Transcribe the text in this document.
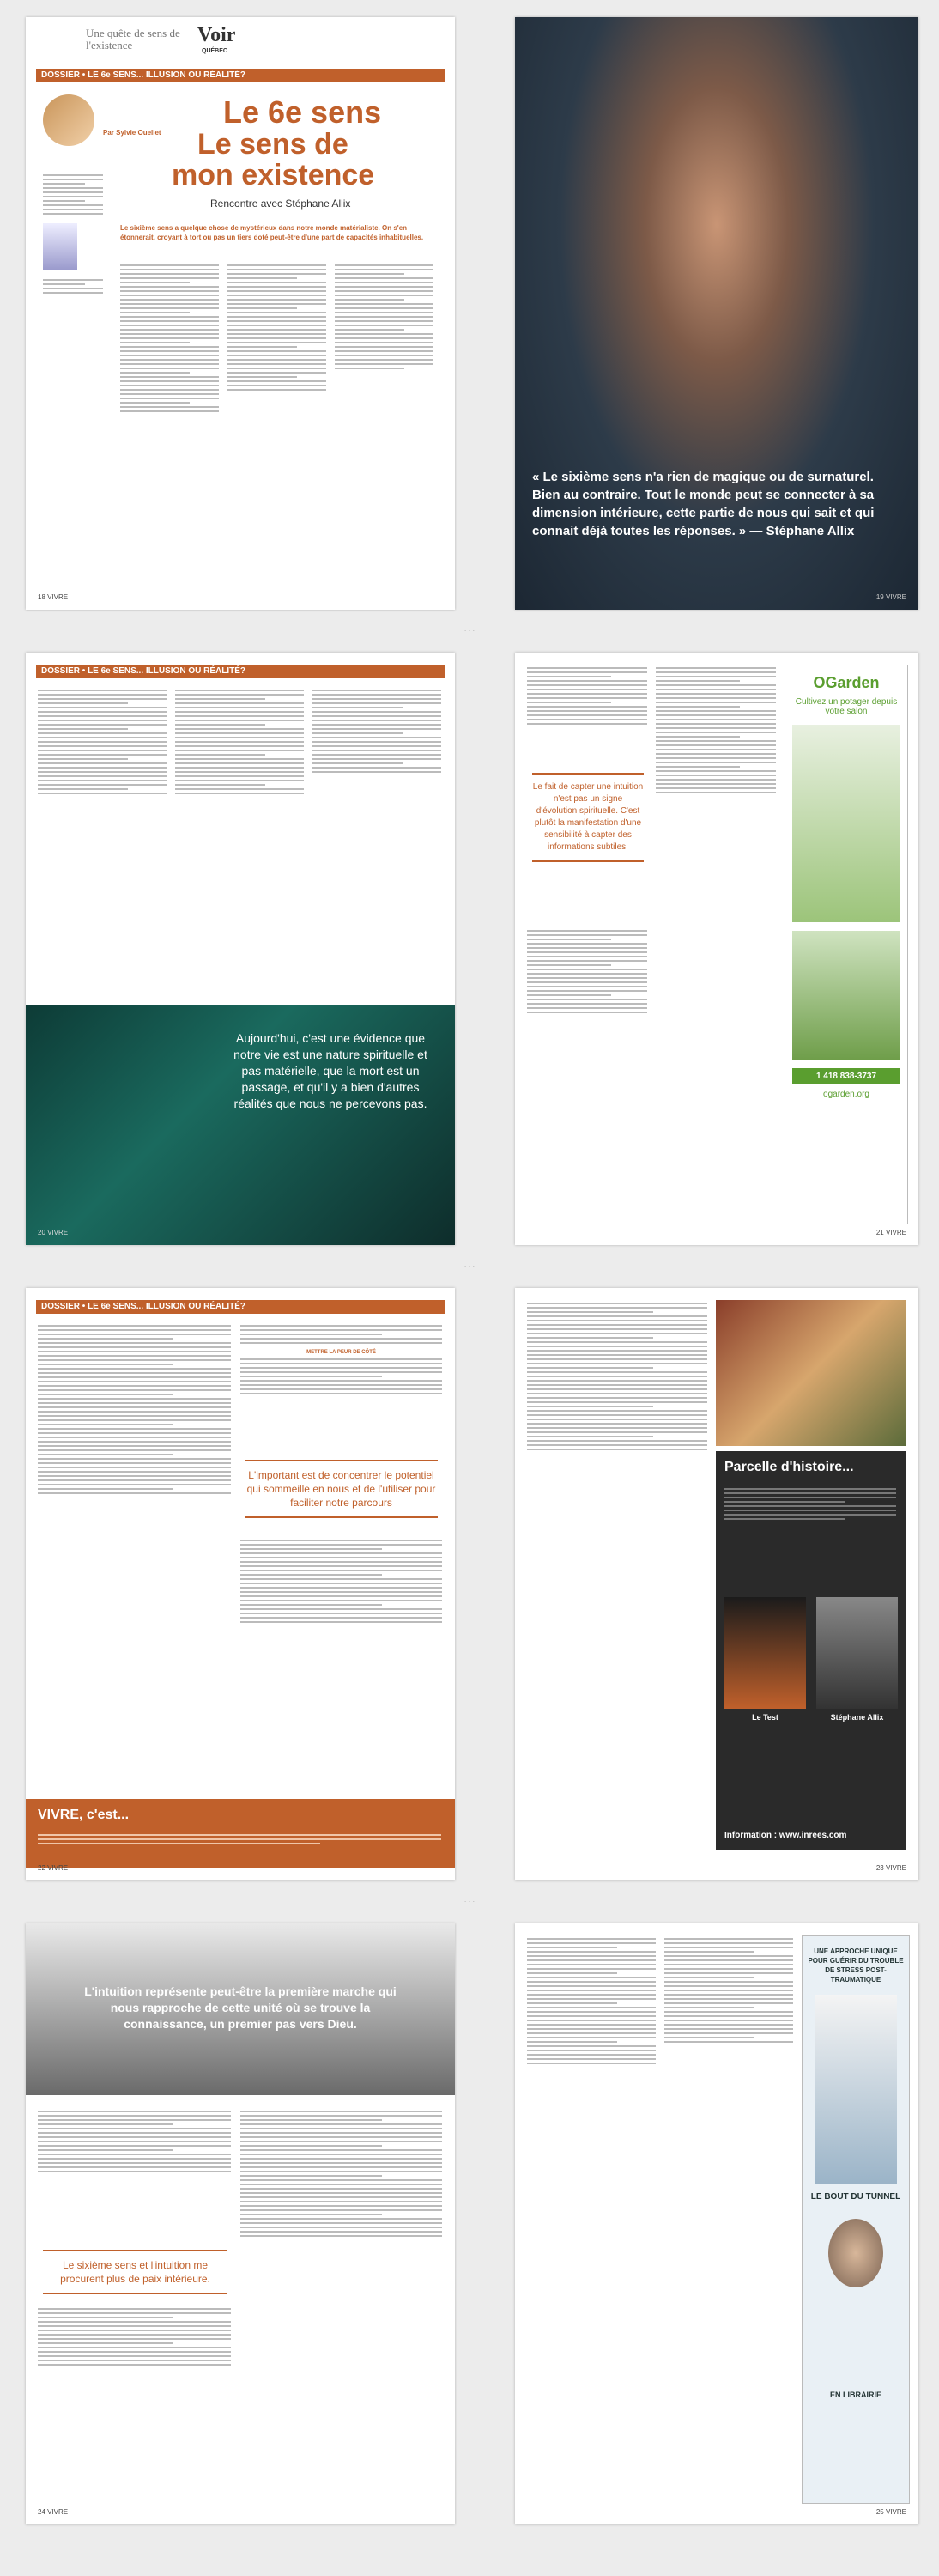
Une quête de sens de l'existence	Voir
QUÉBEC
DOSSIER • LE 6e SENS... ILLUSION OU RÉALITÉ?
Par Sylvie Ouellet
Le 6e sens
Le sens de
mon existence
Rencontre avec Stéphane Allix
Le sixième sens a quelque chose de mystérieux dans notre monde matérialiste. On s'en étonnerait, croyant à tort ou pas un tiers doté peut-être d'une part de capacités inhabituelles.
18 VIVRE
« Le sixième sens n'a rien de magique ou de surnaturel. Bien au contraire. Tout le monde peut se connecter à sa dimension intérieure, cette partie de nous qui sait et qui connait déjà toutes les réponses. » — Stéphane Allix
19 VIVRE
· · ·
DOSSIER • LE 6e SENS... ILLUSION OU RÉALITÉ?
Aujourd'hui, c'est une évidence que notre vie est une nature spirituelle et pas matérielle, que la mort est un passage, et qu'il y a bien d'autres réalités que nous ne percevons pas.
20 VIVRE
Le fait de capter une intuition n'est pas un signe d'évolution spirituelle. C'est plutôt la manifestation d'une sensibilité à capter des informations subtiles.
OGarden
Cultivez un potager depuis votre salon
1 418 838-3737
ogarden.org
21 VIVRE
· · ·
DOSSIER • LE 6e SENS... ILLUSION OU RÉALITÉ?
METTRE LA PEUR DE CÔTÉ
L'important est de concentrer le potentiel qui sommeille en nous et de l'utiliser pour faciliter notre parcours
VIVRE, c'est...
22 VIVRE
Parcelle d'histoire...
Le Test	Stéphane Allix
Information : www.inrees.com
23 VIVRE
· · ·
L'intuition représente peut-être la première marche qui nous rapproche de cette unité où se trouve la connaissance, un premier pas vers Dieu.
Le sixième sens et l'intuition me procurent plus de paix intérieure.
24 VIVRE
UNE APPROCHE UNIQUE POUR GUÉRIR DU TROUBLE DE STRESS POST-TRAUMATIQUE
LE BOUT DU TUNNEL
EN LIBRAIRIE
25 VIVRE
